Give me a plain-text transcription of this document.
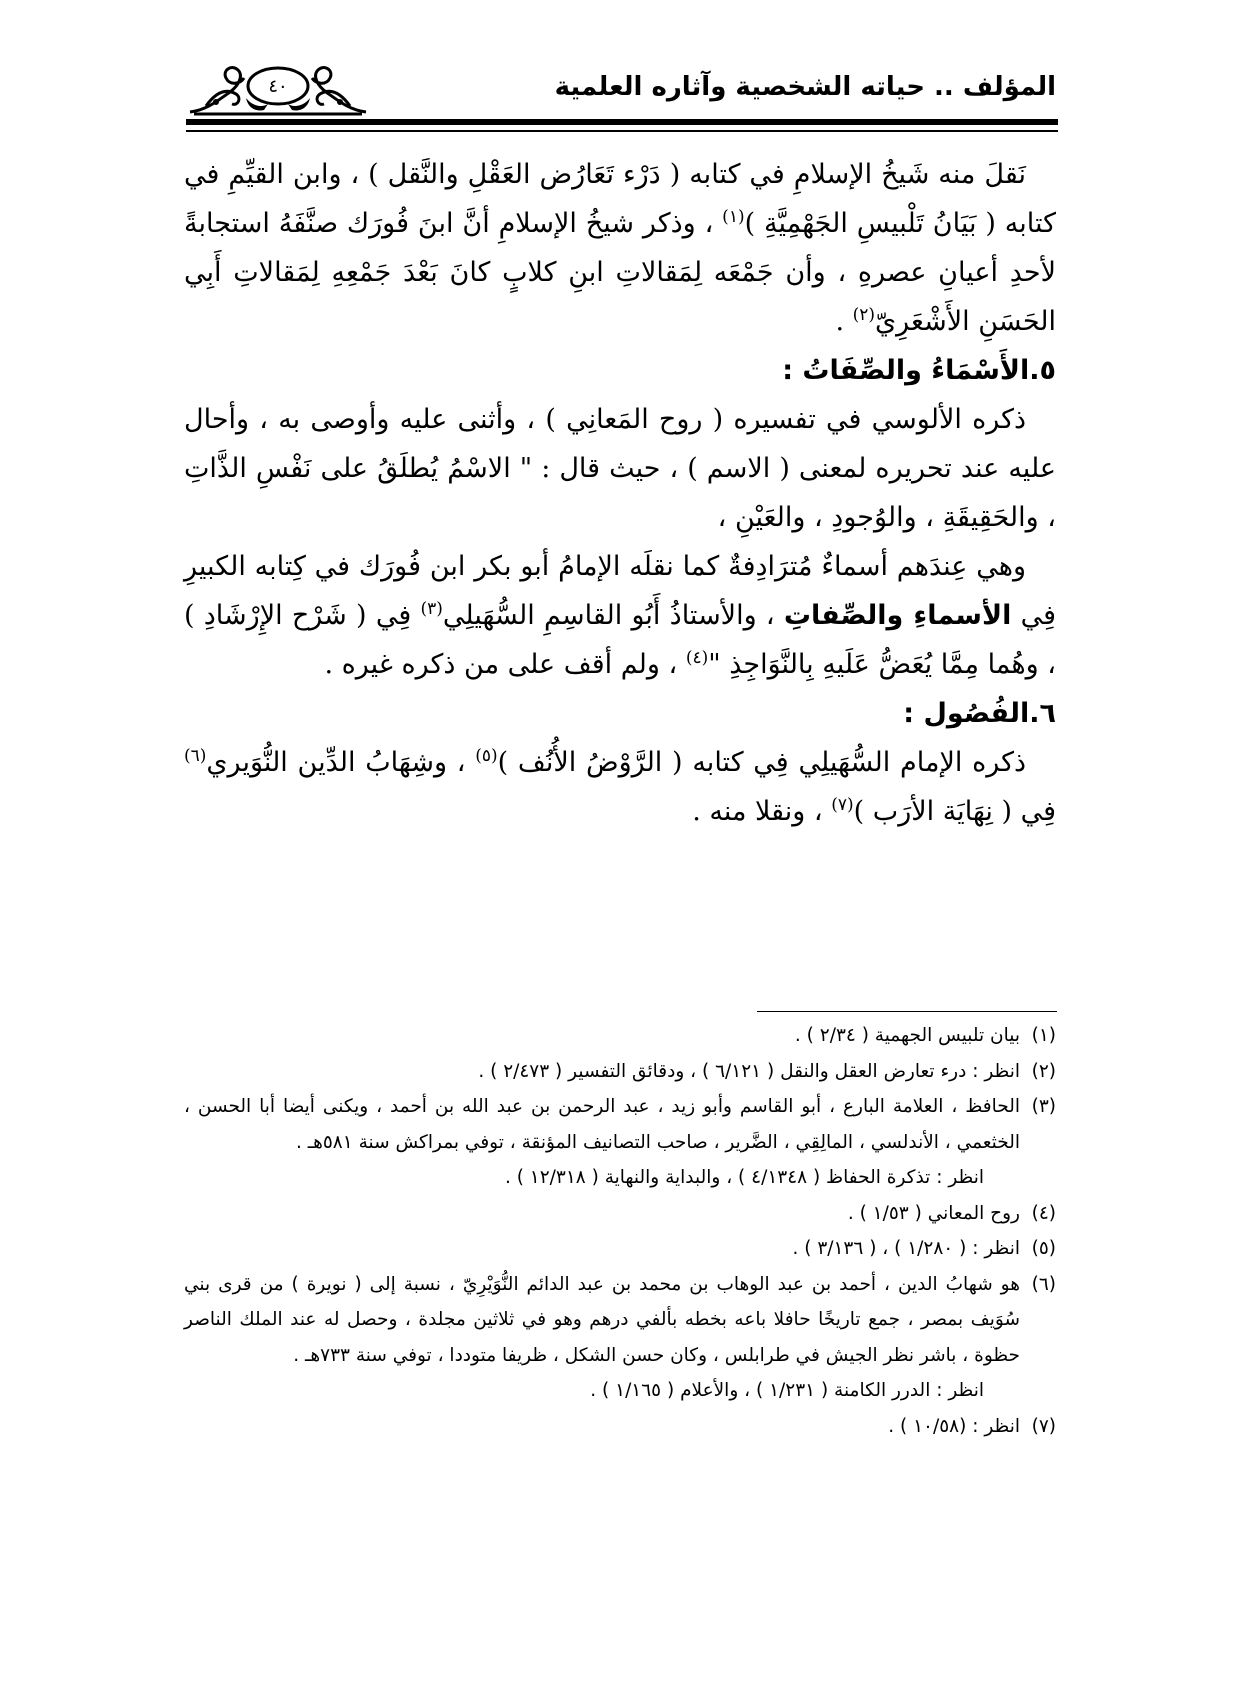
المؤلف .. حياته الشخصية وآثاره العلمية
٤٠

نَقلَ منه شَيخُ الإسلامِ في كتابه ( دَرْء تَعَارُض العَقْلِ والنَّقل ) ، وابن القيِّمِ في كتابه ( بَيَانُ تَلْبيسِ الجَهْمِيَّةِ )$^{(١)}$ ، وذكر شيخُ الإسلامِ أنَّ ابنَ فُورَك صنَّفَهُ استجابةً لأحدِ أعيانِ عصرهِ ، وأن جَمْعَه لِمَقالاتِ ابنِ كلابٍ كانَ بَعْدَ جَمْعِهِ لِمَقالاتِ أَبِي الحَسَنِ الأَشْعَرِيّ$^{(٢)}$ .

٥.الأَسْمَاءُ والصِّفَاتُ :

ذكره الألوسي في تفسيره ( روح المَعانِي ) ، وأثنى عليه وأوصى به ، وأحال عليه عند تحريره لمعنى ( الاسم ) ، حيث قال : " الاسْمُ يُطلَقُ على نَفْسِ الذَّاتِ ، والحَقِيقَةِ ، والوُجودِ ، والعَيْنِ ،

وهي عِندَهم أسماءٌ مُترَادِفةٌ كما نقلَه الإمامُ أبو بكر ابن فُورَك في كِتابه الكبيرِ فِي الأسماءِ والصِّفاتِ ، والأستاذُ أَبُو القاسِمِ السُّهَيلِي$^{(٣)}$ فِي ( شَرْح الإِرْشَادِ ) ، وهُما مِمَّا يُعَضُّ عَلَيهِ بِالنَّوَاجِذِ "$^{(٤)}$ ، ولم أقف على من ذكره غيره .

٦.الفُصُول :

ذكره الإمام السُّهَيلِي فِي كتابه ( الرَّوْضُ الأُنُف )$^{(٥)}$ ، وشِهَابُ الدِّين النُّوَيري$^{(٦)}$ فِي ( نِهَايَة الأرَب )$^{(٧)}$ ، ونقلا منه .

(١)
بيان تلبيس الجهمية ( ٢/٣٤ ) .
(٢)
انظر : درء تعارض العقل والنقل ( ٦/١٢١ ) ، ودقائق التفسير ( ٢/٤٧٣ ) .
(٣)
الحافظ ، العلامة البارع ، أبو القاسم وأبو زيد ، عبد الرحمن بن عبد الله بن أحمد ، ويكنى أيضا أبا الحسن ، الخثعمي ، الأندلسي ، المالِقِي ، الضَّرير ، صاحب التصانيف المؤنقة ، توفي بمراكش سنة ٥٨١هـ .
انظر : تذكرة الحفاظ ( ٤/١٣٤٨ ) ، والبداية والنهاية ( ١٢/٣١٨ ) .
(٤)
روح المعاني ( ١/٥٣ ) .
(٥)
انظر : ( ١/٢٨٠ ) ، ( ٣/١٣٦ ) .
(٦)
هو شهابُ الدين ، أحمد بن عبد الوهاب بن محمد بن عبد الدائم النُّوَيْرِيّ ، نسبة إلى ( نويرة ) من قرى بني سُوَيف بمصر ، جمع تاريخًا حافلا باعه بخطه بألفي درهم وهو في ثلاثين مجلدة ، وحصل له عند الملك الناصر حظوة ، باشر نظر الجيش في طرابلس ، وكان حسن الشكل ، ظريفا متوددا ، توفي سنة ٧٣٣هـ .
انظر : الدرر الكامنة ( ١/٢٣١ ) ، والأعلام ( ١/١٦٥ ) .
(٧)
انظر : (١٠/٥٨ ) .
